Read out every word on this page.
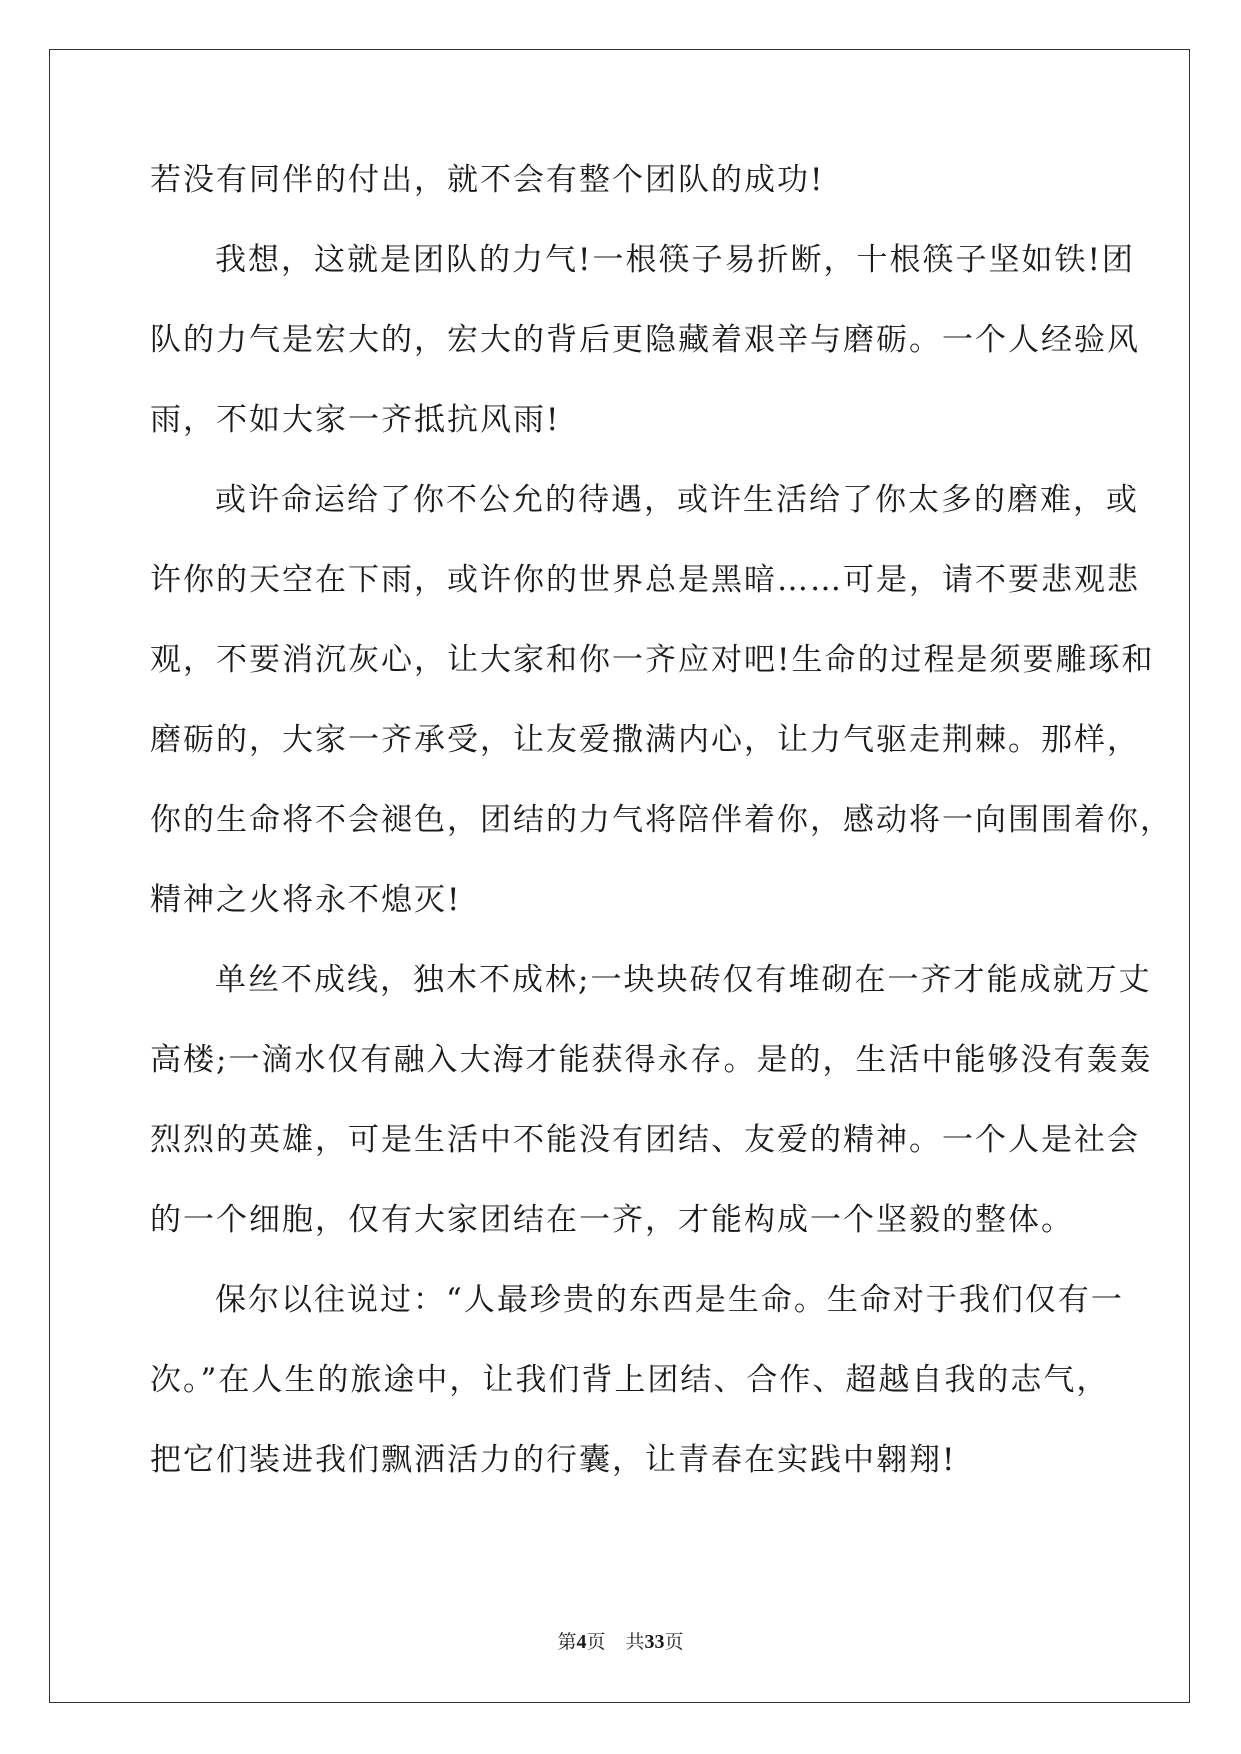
若没有同伴的付出，就不会有整个团队的成功!
我想，这就是团队的力气!一根筷子易折断，十根筷子坚如铁!团
队的力气是宏大的，宏大的背后更隐藏着艰辛与磨砺。一个人经验风
雨，不如大家一齐抵抗风雨!
或许命运给了你不公允的待遇，或许生活给了你太多的磨难，或
许你的天空在下雨，或许你的世界总是黑暗……可是，请不要悲观悲
观，不要消沉灰心，让大家和你一齐应对吧!生命的过程是须要雕琢和
磨砺的，大家一齐承受，让友爱撒满内心，让力气驱走荆棘。那样，
你的生命将不会褪色，团结的力气将陪伴着你，感动将一向围围着你，
精神之火将永不熄灭!
单丝不成线，独木不成林;一块块砖仅有堆砌在一齐才能成就万丈
高楼;一滴水仅有融入大海才能获得永存。是的，生活中能够没有轰轰
烈烈的英雄，可是生活中不能没有团结、友爱的精神。一个人是社会
的一个细胞，仅有大家团结在一齐，才能构成一个坚毅的整体。
保尔以往说过：“人最珍贵的东西是生命。生命对于我们仅有一
次。”在人生的旅途中，让我们背上团结、合作、超越自我的志气，
把它们装进我们飘洒活力的行囊，让青春在实践中翱翔!
第4页 共33页
